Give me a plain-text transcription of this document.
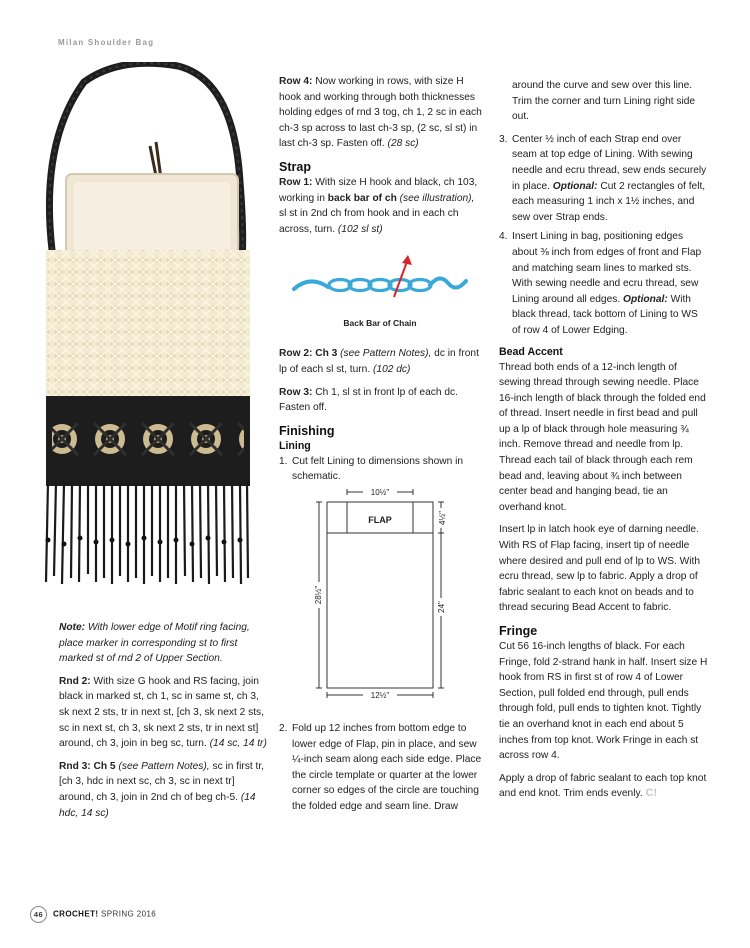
Milan Shoulder Bag

Note: With lower edge of Motif ring facing, place marker in corresponding st to first marked st of rnd 2 of Upper Section.

Rnd 2: With size G hook and RS facing, join black in marked st, ch 1, sc in same st, ch 3, sk next 2 sts, tr in next st, [ch 3, sk next 2 sts, sc in next st, ch 3, sk next 2 sts, tr in next st] around, ch 3, join in beg sc, turn. (14 sc, 14 tr)

Rnd 3: Ch 5 (see Pattern Notes), sc in first tr, [ch 3, hdc in next sc, ch 3, sc in next tr] around, ch 3, join in 2nd ch of beg ch-5. (14 hdc, 14 sc)

Row 4: Now working in rows, with size H hook and working through both thicknesses holding edges of rnd 3 tog, ch 1, 2 sc in each ch-3 sp across to last ch-3 sp, (2 sc, sl st) in last ch-3 sp. Fasten off. (28 sc)

Strap

Row 1: With size H hook and black, ch 103, working in back bar of ch (see illustration), sl st in 2nd ch from hook and in each ch across, turn. (102 sl st)

Row 2: Ch 3 (see Pattern Notes), dc in front lp of each sl st, turn. (102 dc)

Row 3: Ch 1, sl st in front lp of each dc. Fasten off.

Finishing
Lining
1. Cut felt Lining to dimensions shown in schematic.
2. Fold up 12 inches from bottom edge to lower edge of Flap, pin in place, and sew ¼-inch seam along each side edge. Place the circle template or quarter at the lower corner so edges of the circle are touching the folded edge and seam line. Draw
Back Bar of Chain
10½"
FLAP	4½"
28½"
24"
12½"

around the curve and sew over this line. Trim the corner and turn Lining right side out.

3. Center ½ inch of each Strap end over seam at top edge of Lining. With sewing needle and ecru thread, sew ends securely in place. Optional: Cut 2 rectangles of felt, each measuring 1 inch x 1½ inches, and sew over Strap ends.
4. Insert Lining in bag, positioning edges about ⅜ inch from edges of front and Flap and matching seam lines to marked sts. With sewing needle and ecru thread, sew Lining around all edges. Optional: With black thread, tack bottom of Lining to WS of row 4 of Lower Edging.
Bead Accent

Thread both ends of a 12-inch length of sewing thread through sewing needle. Place 16-inch length of black through the folded end of thread. Insert needle in first bead and pull up a lp of black through hole measuring ¾ inch. Remove thread and needle from lp. Thread each tail of black through each rem bead and, leaving about ¾ inch between center bead and hanging bead, tie an overhand knot.

Insert lp in latch hook eye of darning needle. With RS of Flap facing, insert tip of needle where desired and pull end of lp to WS. With ecru thread, sew lp to fabric. Apply a drop of fabric sealant to each knot on beads and to thread securing Bead Accent to fabric.

Fringe

Cut 56 16-inch lengths of black. For each Fringe, fold 2-strand hank in half. Insert size H hook from RS in first st of row 4 of Lower Section, pull folded end through, pull ends through fold, pull ends to tighten knot. Tightly tie an overhand knot in each end about 5 inches from top knot. Work Fringe in each st across row 4.

Apply a drop of fabric sealant to each top knot and end knot. Trim ends evenly. C!

46 CROCHET! SPRING 2016
